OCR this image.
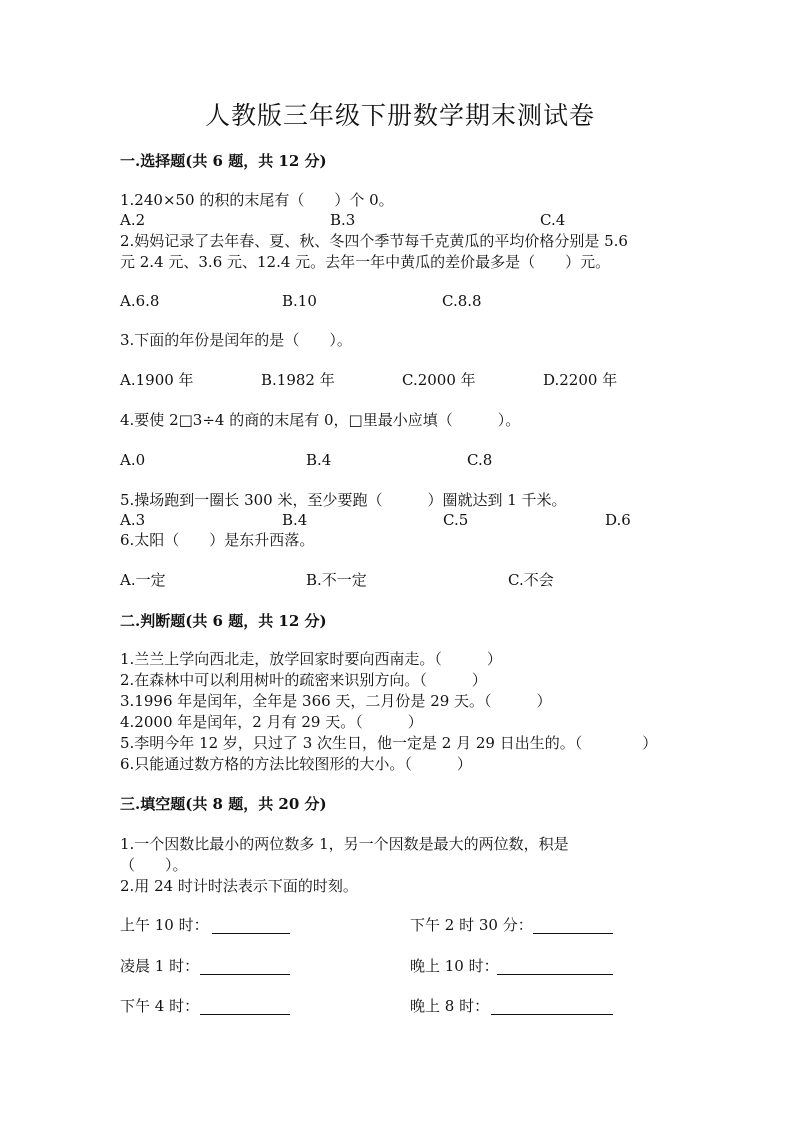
人教版三年级下册数学期末测试卷
一.选择题(共 6 题，共 12 分)
1.240×50 的积的末尾有（　　）个 0。
A.2	B.3	C.4
2.妈妈记录了去年春、夏、秋、冬四个季节每千克黄瓜的平均价格分别是 5.6
元 2.4 元、3.6 元、12.4 元。去年一年中黄瓜的差价最多是（　　）元。
A.6.8	B.10	C.8.8
3.下面的年份是闰年的是（　　）。
A.1900 年	B.1982 年	C.2000 年	D.2200 年
4.要使 2□3÷4 的商的末尾有 0，□里最小应填（　　　）。
A.0	B.4	C.8
5.操场跑到一圈长 300 米，至少要跑（　　　）圈就达到 1 千米。
A.3	B.4	C.5	D.6
6.太阳（　　）是东升西落。
A.一定	B.不一定	C.不会
二.判断题(共 6 题，共 12 分)
1.兰兰上学向西北走，放学回家时要向西南走。（　　　）
2.在森林中可以利用树叶的疏密来识别方向。（　　　）
3.1996 年是闰年，全年是 366 天，二月份是 29 天。（　　　）
4.2000 年是闰年，2 月有 29 天。（　　　）
5.李明今年 12 岁，只过了 3 次生日，他一定是 2 月 29 日出生的。（　　　　）
6.只能通过数方格的方法比较图形的大小。（　　　）
三.填空题(共 8 题，共 20 分)
1.一个因数比最小的两位数多 1，另一个因数是最大的两位数，积是
（　　）。
2.用 24 时计时法表示下面的时刻。
上午 10 时：	下午 2 时 30 分：
凌晨 1 时：	晚上 10 时：
下午 4 时：	晚上 8 时：
